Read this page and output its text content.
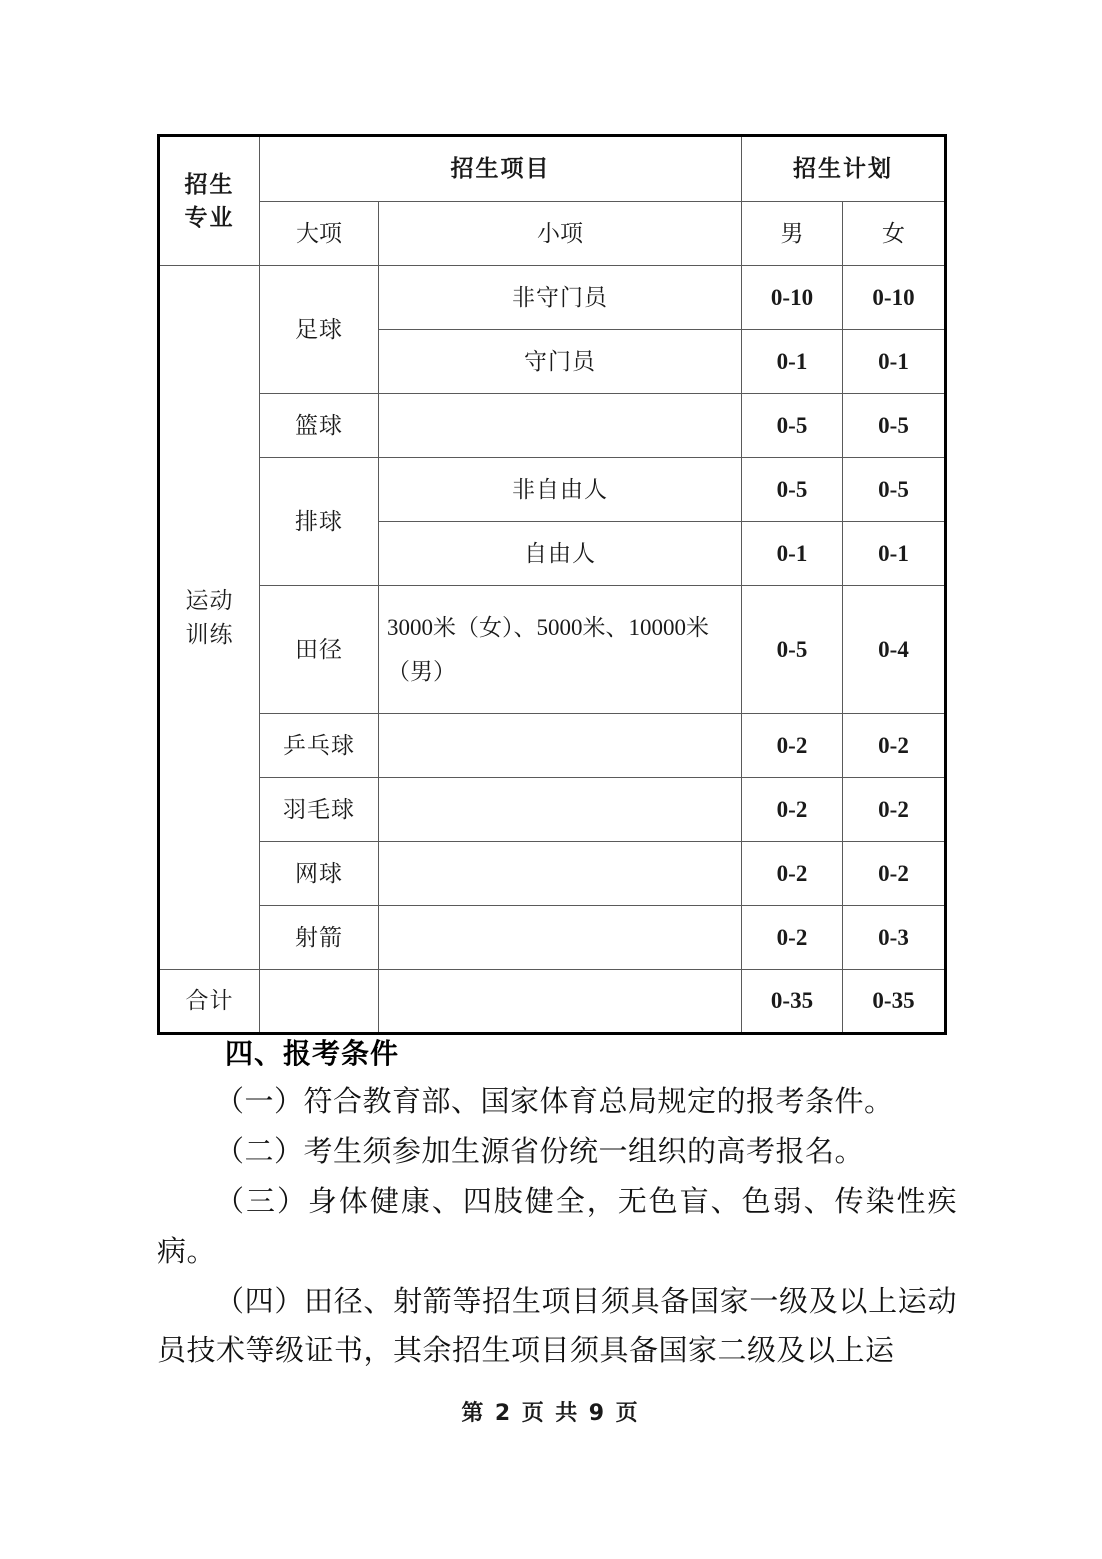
招生
专业	招生项目		招生计划	
	大项	小项	男	女

运动
训练	足球	非守门员	0-10	0-10
		守门员	0-1	0-1
	篮球		0-5	0-5
	排球	非自由人	0-5	0-5
		自由人	0-1	0-1
	田径	3000米（女）、5000米、10000米（男）	0-5	0-4
	乒乓球		0-2	0-2
	羽毛球		0-2	0-2
	网球		0-2	0-2
	射箭		0-2	0-3
合计			0-35	0-35
四、报考条件

（一）符合教育部、国家体育总局规定的报考条件。

（二）考生须参加生源省份统一组织的高考报名。

（三）身体健康、四肢健全，无色盲、色弱、传染性疾病。

（四）田径、射箭等招生项目须具备国家一级及以上运动员技术等级证书，其余招生项目须具备国家二级及以上运

第 2 页 共 9 页
